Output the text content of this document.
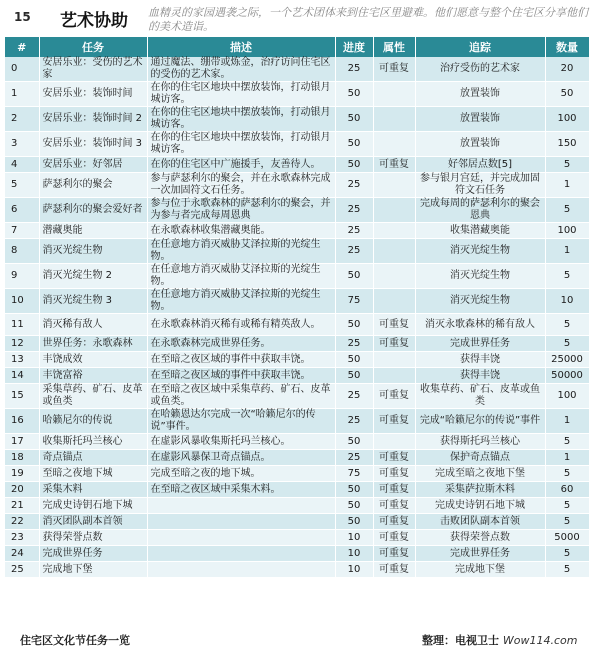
15 艺术协助 血精灵的家园遇袭之际，一个艺术团体来到住宅区里避难。他们愿意与整个住宅区分享他们的美术造诣。
#	任务	描述	进度	属性	追踪	数量
0	安居乐业：受伤的艺术家	通过魔法、绷带或炼金，治疗访问住宅区的受伤的艺术家。	25	可重复	治疗受伤的艺术家	20
1	安居乐业：装饰时间	在你的住宅区地块中摆放装饰，打动银月城访客。	50		放置装饰	50
2	安居乐业：装饰时间 2	在你的住宅区地块中摆放装饰，打动银月城访客。	50		放置装饰	100
3	安居乐业：装饰时间 3	在你的住宅区地块中摆放装饰，打动银月城访客。	50		放置装饰	150
4	安居乐业：好邻居	在你的住宅区中广施援手，友善待人。	50	可重复	好邻居点数[5]	5
5	萨瑟利尔的聚会	参与萨瑟利尔的聚会，并在永歌森林完成一次加固符文石任务。	25		参与银月宫廷，并完成加固符文石任务	1
6	萨瑟利尔的聚会爱好者	参与位于永歌森林的萨瑟利尔的聚会，并为参与者完成每周恩典	25		完成每周的萨瑟利尔的聚会恩典	5
7	潜藏奥能	在永歌森林收集潜藏奥能。	25		收集潜藏奥能	100
8	消灭光绽生物	在任意地方消灭威胁艾泽拉斯的光绽生物。	25		消灭光绽生物	1
9	消灭光绽生物 2	在任意地方消灭威胁艾泽拉斯的光绽生物。	50		消灭光绽生物	5
10	消灭光绽生物 3	在任意地方消灭威胁艾泽拉斯的光绽生物。	75		消灭光绽生物	10
11	消灭稀有敌人	在永歌森林消灭稀有或稀有精英敌人。	50	可重复	消灭永歌森林的稀有敌人	5
12	世界任务：永歌森林	在永歌森林完成世界任务。	25	可重复	完成世界任务	5
13	丰饶成效	在至暗之夜区域的事件中获取丰饶。	50		获得丰饶	25000
14	丰饶富裕	在至暗之夜区域的事件中获取丰饶。	50		获得丰饶	50000
15	采集草药、矿石、皮革或鱼类	在至暗之夜区域中采集草药、矿石、皮革或鱼类。	25	可重复	收集草药、矿石、皮革或鱼类	100
16	哈籁尼尔的传说	在哈籁恩达尔完成一次“哈籁尼尔的传说”事件。	25	可重复	完成“哈籁尼尔的传说”事件	1
17	收集斯托玛兰核心	在虚影风暴收集斯托玛兰核心。	50		获得斯托玛兰核心	5
18	奇点锚点	在虚影风暴保卫奇点锚点。	25	可重复	保护奇点锚点	1
19	至暗之夜地下城	完成至暗之夜的地下城。	75	可重复	完成至暗之夜地下堡	5
20	采集木料	在至暗之夜区域中采集木料。	50	可重复	采集萨拉斯木料	60
21	完成史诗钥石地下城		50	可重复	完成史诗钥石地下城	5
22	消灭团队副本首领		50	可重复	击败团队副本首领	5
23	获得荣誉点数		10	可重复	获得荣誉点数	5000
24	完成世界任务		10	可重复	完成世界任务	5
25	完成地下堡		10	可重复	完成地下堡	5
住宅区文化节任务一览	整理：电视卫士 Wow114.com
